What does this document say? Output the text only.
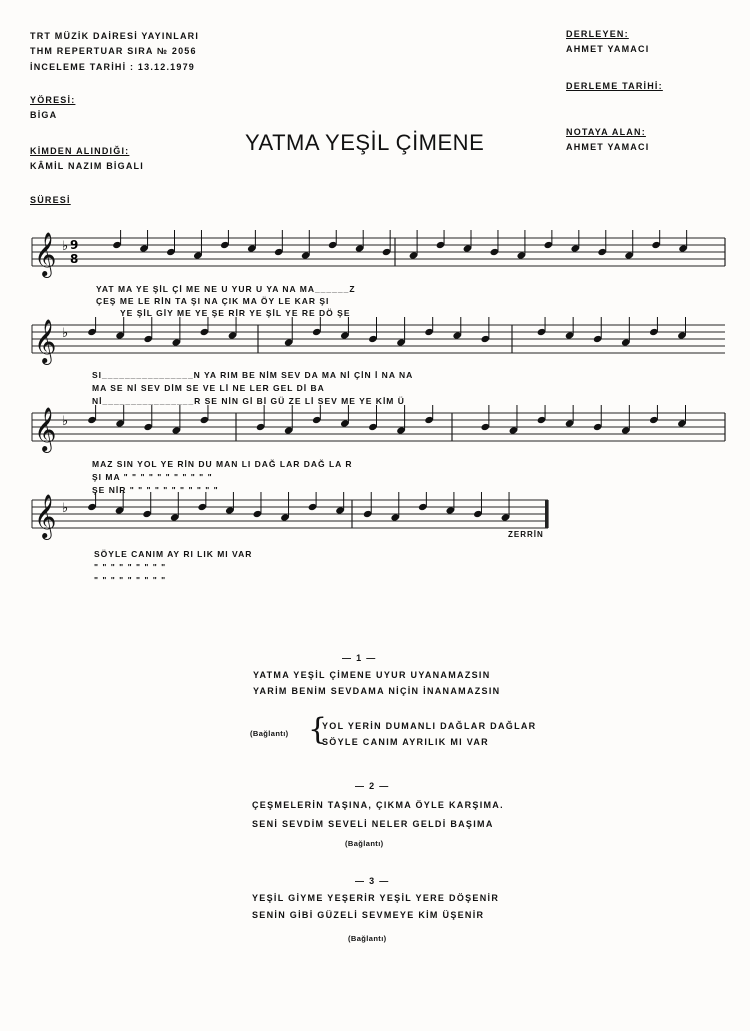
TRT MÜZİK DAİRESİ YAYINLARI
THM REPERTUAR SIRA № 2056
İNCELEME TARİHİ : 13.12.1979
YÖRESİ:
BİGA
KİMDEN ALINDIĞI:
KÂMİL NAZIM BİGALI
SÜRESİ
DERLEYEN:
AHMET YAMACI
DERLEME TARİHİ:
NOTAYA ALAN:
AHMET YAMACI
YATMA YEŞİL ÇİMENE
𝄞 ♭
𝄞 ♭
𝄞 ♭
𝄞 ♭
9
8
YAT MA YE ŞİL Çİ ME NE U YUR U YA NA MA______Z
ÇEŞ ME LE RİN TA ŞI NA ÇIK MA ÖY LE KAR ŞI
YE ŞİL GİY ME YE ŞE RİR YE ŞİL YE RE DÖ ŞE
SI________________N YA RIM BE NİM SEV DA MA Nİ ÇİN İ NA NA
MA SE Nİ SEV DİM SE VE Lİ NE LER GEL Dİ BA
Nİ________________R SE NİN Gİ Bİ GÜ ZE Lİ SEV ME YE KİM Ü
MAZ SIN YOL YE RİN DU MAN LI DAĞ LAR DAĞ LA R
ŞI MA " " " " " " " " " " "
ŞE NİR " " " " " " " " " " "
SÖYLE CANIM AY RI LIK MI VAR
" " " " " " " " "
" " " " " " " " "
ZERRİN
— 1 —
YATMA YEŞİL ÇİMENE UYUR UYANAMAZSIN
YARİM BENİM SEVDAMA NİÇİN İNANAMAZSIN
(Bağlantı) {
YOL YERİN DUMANLI DAĞLAR DAĞLAR
SÖYLE CANIM AYRILIK MI VAR
— 2 —
ÇEŞMELERİN TAŞINA, ÇIKMA ÖYLE KARŞIMA.
SENİ SEVDİM SEVELİ NELER GELDİ BAŞIMA
(Bağlantı)
— 3 —
YEŞİL GİYME YEŞERİR YEŞİL YERE DÖŞENİR
SENİN GİBİ GÜZELİ SEVMEYE KİM ÜŞENİR
(Bağlantı)
